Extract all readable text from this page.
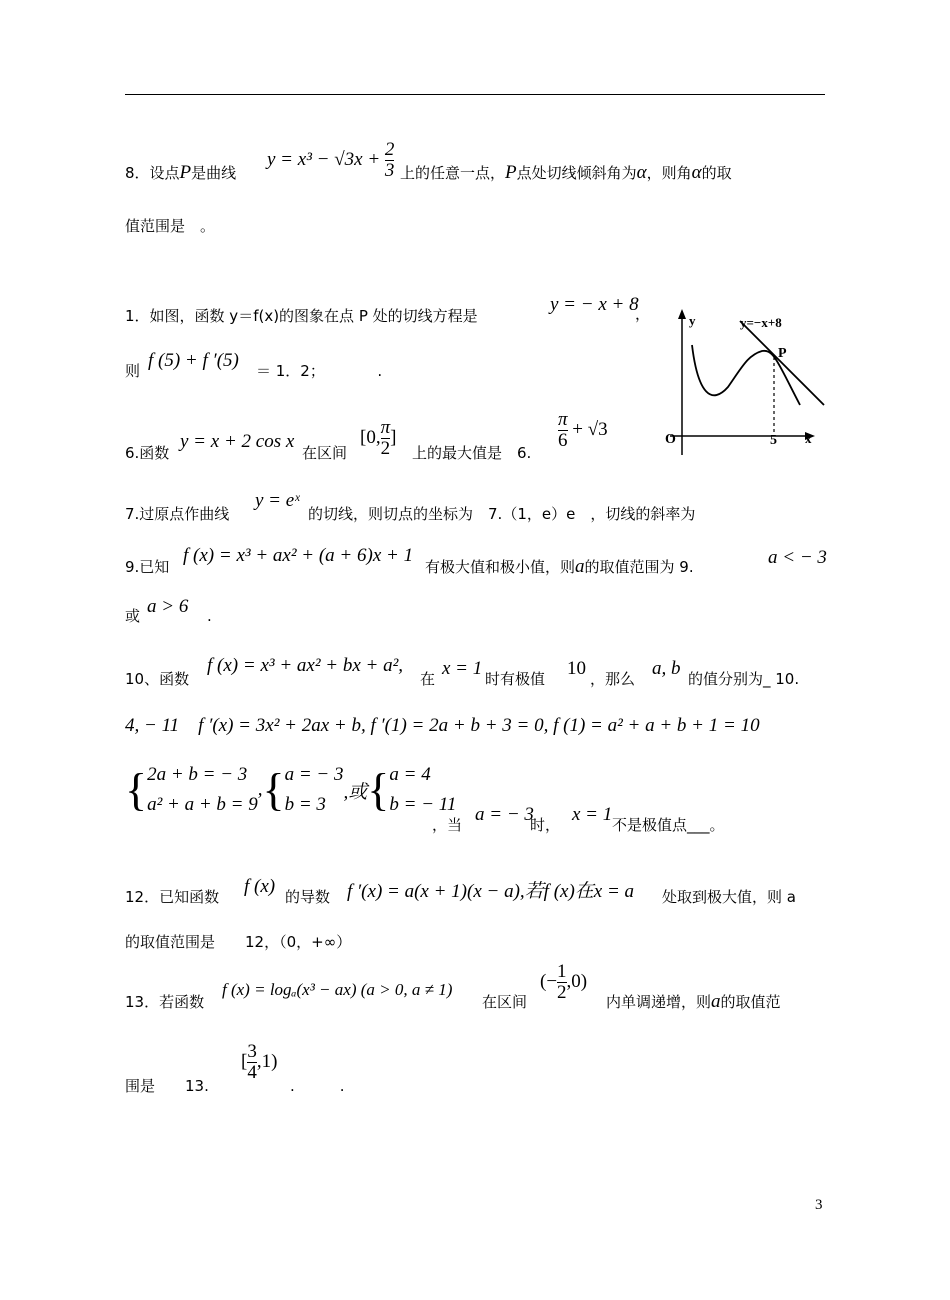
8．设点P是曲线
$y = x^3 - √3x + \frac{2}{3}$ 上的任意一点，P点处切线倾斜角为α，则角α的取
值范围是　。
1．如图，函数 y＝f(x)的图象在点 P 处的切线方程是
y = − x + 8
，
则 f (5) + f ′(5) ＝ 1．2；　　　　.
y=−x+8
y
x
O	5
P
6.函数
y = x + 2 cos x
在区间
[0, $\frac{\pi}{2}$ ]
上的最大值是　6.
$\frac{\pi}{6} + √3$
7.过原点作曲线
y = eˣ
的切线，则切点的坐标为　7.（1，e）e　，切线的斜率为
9.已知
f (x) = x³ + ax² + (a + 6)x + 1
有极大值和极小值，则a的取值范围为 9.	a < − 3
或 a > 6 　.
10、函数
f (x) = x³ + ax² + bx + a²,
在 x = 1 时有极值 10 ，那么 a, b 的值分别为_ 10.
4, − 11　f ′(x) = 3x² + 2ax + b, f ′(1) = 2a + b + 3 = 0, f (1) = a² + a + b + 1 = 10
{ 2a + b = − 3
a² + a + b = 9
, { a = − 3
b = 3
,或 { a = 4
b = − 11
，当 a = − 3
时， x = 1 不是极值点___。
12．已知函数 f (x) 的导数 f ′(x) = a(x + 1)(x − a),若f (x)在x = a 处取到极大值，则 a
的取值范围是　　12，（0，+∞）
13．若函数
f (x) = logₐ(x³ − ax) (a > 0, a ≠ 1)
在区间
(− $\frac{1}{2} ,0$)
内单调递增，则a的取值范
围是　　13.
[ $\frac{3}{4} ,1$)
.　　　.
3
